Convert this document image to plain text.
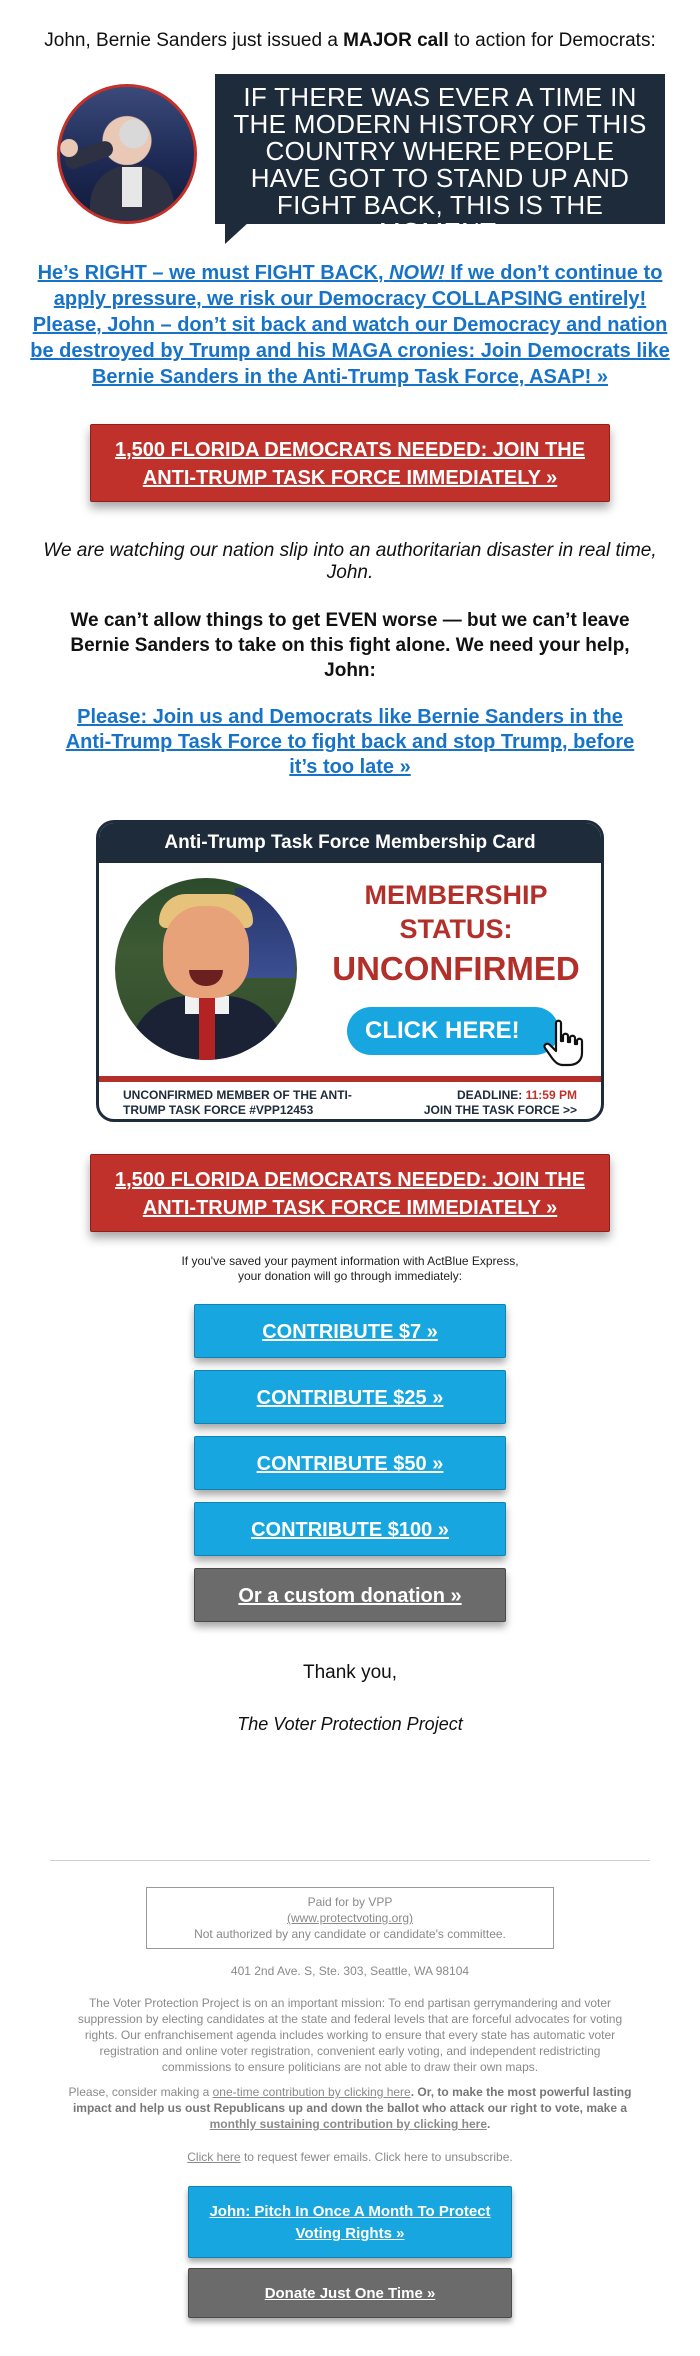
John, Bernie Sanders just issued a MAJOR call to action for Democrats:

IF THERE WAS EVER A TIME IN THE MODERN HISTORY OF THIS COUNTRY WHERE PEOPLE HAVE GOT TO STAND UP AND FIGHT BACK, THIS IS THE MOMENT.

He’s RIGHT – we must FIGHT BACK, NOW! If we don’t continue to apply pressure, we risk our Democracy COLLAPSING entirely! Please, John – don’t sit back and watch our Democracy and nation be destroyed by Trump and his MAGA cronies: Join Democrats like Bernie Sanders in the Anti-Trump Task Force, ASAP! »

1,500 FLORIDA DEMOCRATS NEEDED: JOIN THE ANTI-TRUMP TASK FORCE IMMEDIATELY »

We are watching our nation slip into an authoritarian disaster in real time, John.

We can’t allow things to get EVEN worse — but we can’t leave Bernie Sanders to take on this fight alone. We need your help, John:

Please: Join us and Democrats like Bernie Sanders in the Anti-Trump Task Force to fight back and stop Trump, before it’s too late »

Anti-Trump Task Force Membership Card
MEMBERSHIP STATUS:
UNCONFIRMED
CLICK HERE!
UNCONFIRMED MEMBER OF THE ANTI-TRUMP TASK FORCE #VPP12453
DEADLINE: 11:59 PM
JOIN THE TASK FORCE >>
1,500 FLORIDA DEMOCRATS NEEDED: JOIN THE ANTI-TRUMP TASK FORCE IMMEDIATELY »

If you've saved your payment information with ActBlue Express, your donation will go through immediately:

CONTRIBUTE $7 »
CONTRIBUTE $25 »
CONTRIBUTE $50 »
CONTRIBUTE $100 »
Or a custom donation »

Thank you,

The Voter Protection Project

Paid for by VPP
(www.protectvoting.org)
Not authorized by any candidate or candidate's committee.
401 2nd Ave. S, Ste. 303, Seattle, WA 98104
The Voter Protection Project is on an important mission: To end partisan gerrymandering and voter suppression by electing candidates at the state and federal levels that are forceful advocates for voting rights. Our enfranchisement agenda includes working to ensure that every state has automatic voter registration and online voter registration, convenient early voting, and independent redistricting commissions to ensure politicians are not able to draw their own maps.
Please, consider making a one-time contribution by clicking here. Or, to make the most powerful lasting impact and help us oust Republicans up and down the ballot who attack our right to vote, make a monthly sustaining contribution by clicking here.
Click here to request fewer emails. Click here to unsubscribe.
John: Pitch In Once A Month To Protect Voting Rights »
Donate Just One Time »
